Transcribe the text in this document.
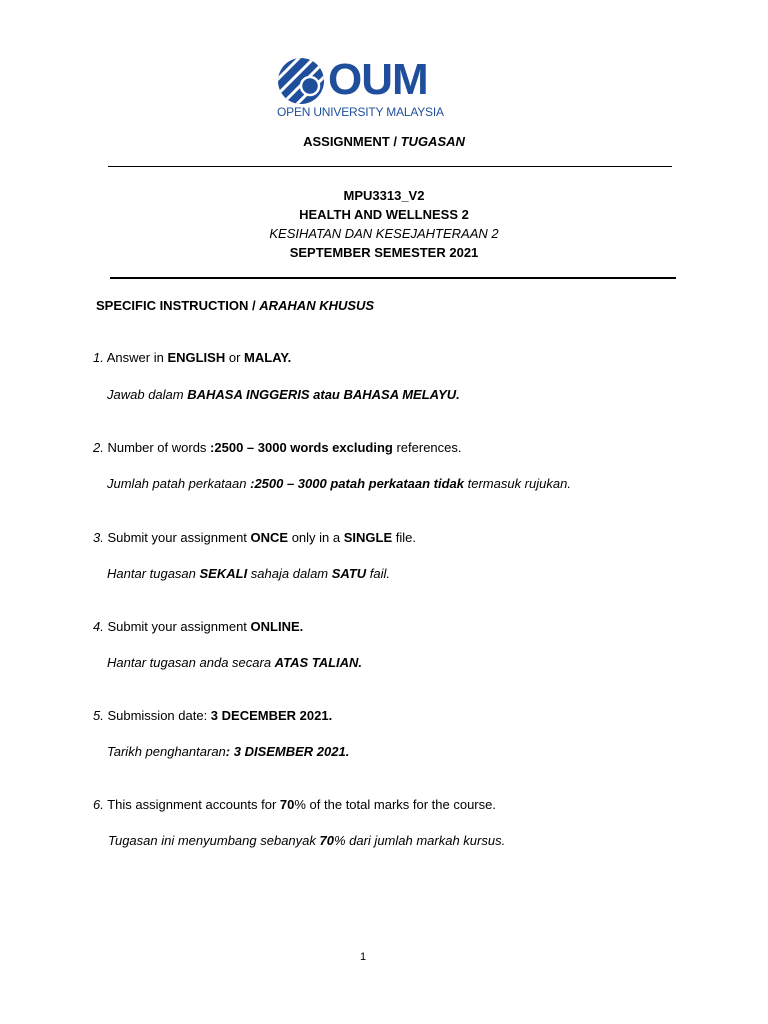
OUM
OPEN UNIVERSITY MALAYSIA
ASSIGNMENT / TUGASAN
MPU3313_V2
HEALTH AND WELLNESS 2
KESIHATAN DAN KESEJAHTERAAN 2
SEPTEMBER SEMESTER 2021
SPECIFIC INSTRUCTION / ARAHAN KHUSUS
1. Answer in ENGLISH or MALAY.
Jawab dalam BAHASA INGGERIS atau BAHASA MELAYU.
2. Number of words :2500 – 3000 words excluding references.
Jumlah patah perkataan :2500 – 3000 patah perkataan tidak termasuk rujukan.
3. Submit your assignment ONCE only in a SINGLE file.
Hantar tugasan SEKALI sahaja dalam SATU fail.
4. Submit your assignment ONLINE.
Hantar tugasan anda secara ATAS TALIAN.
5. Submission date: 3 DECEMBER 2021.
Tarikh penghantaran: 3 DISEMBER 2021.
6. This assignment accounts for 70% of the total marks for the course.
Tugasan ini menyumbang sebanyak 70% dari jumlah markah kursus.
1
